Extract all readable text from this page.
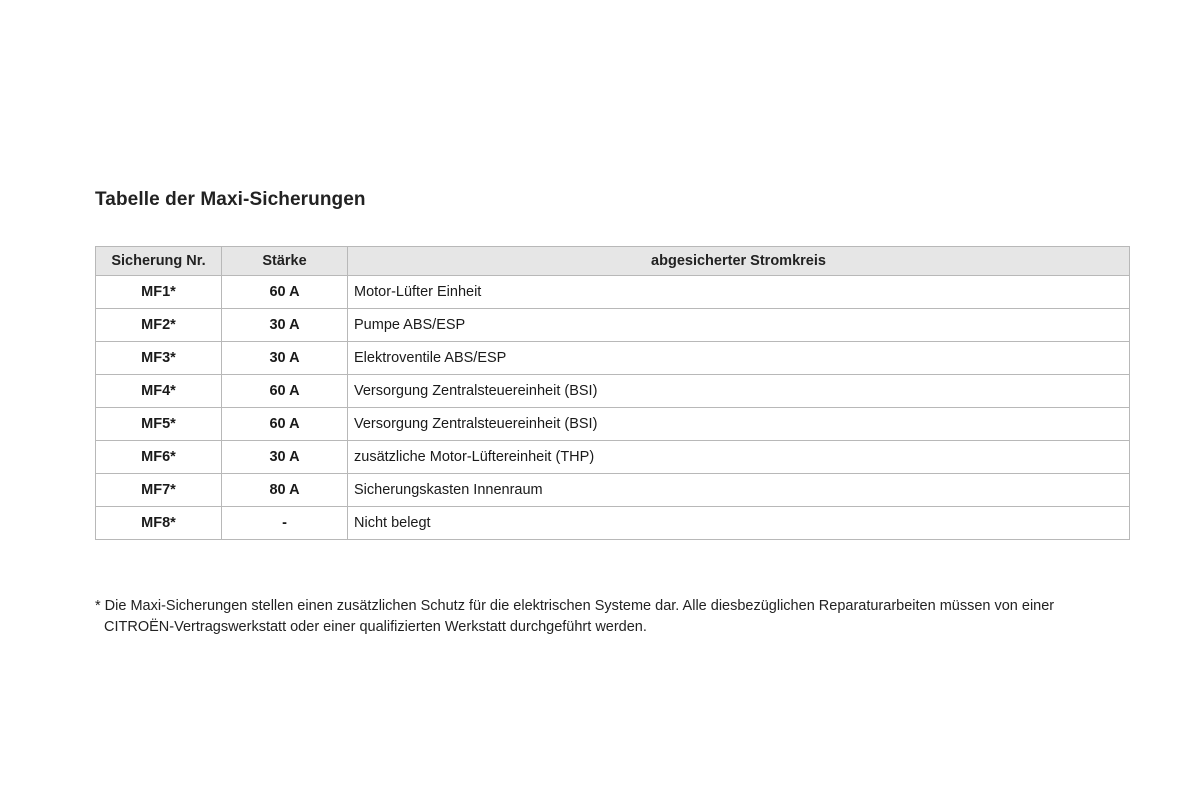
Tabelle der Maxi-Sicherungen
Sicherung Nr.	Stärke	abgesicherter Stromkreis
MF1*	60 A	Motor-Lüfter Einheit
MF2*	30 A	Pumpe ABS/ESP
MF3*	30 A	Elektroventile ABS/ESP
MF4*	60 A	Versorgung Zentralsteuereinheit (BSI)
MF5*	60 A	Versorgung Zentralsteuereinheit (BSI)
MF6*	30 A	zusätzliche Motor-Lüftereinheit (THP)
MF7*	80 A	Sicherungskasten Innenraum
MF8*	-	Nicht belegt

* Die Maxi-Sicherungen stellen einen zusätzlichen Schutz für die elektrischen Systeme dar. Alle diesbezüglichen Reparaturarbeiten müssen von einer
CITROËN-Vertragswerkstatt oder einer qualifizierten Werkstatt durchgeführt werden.
